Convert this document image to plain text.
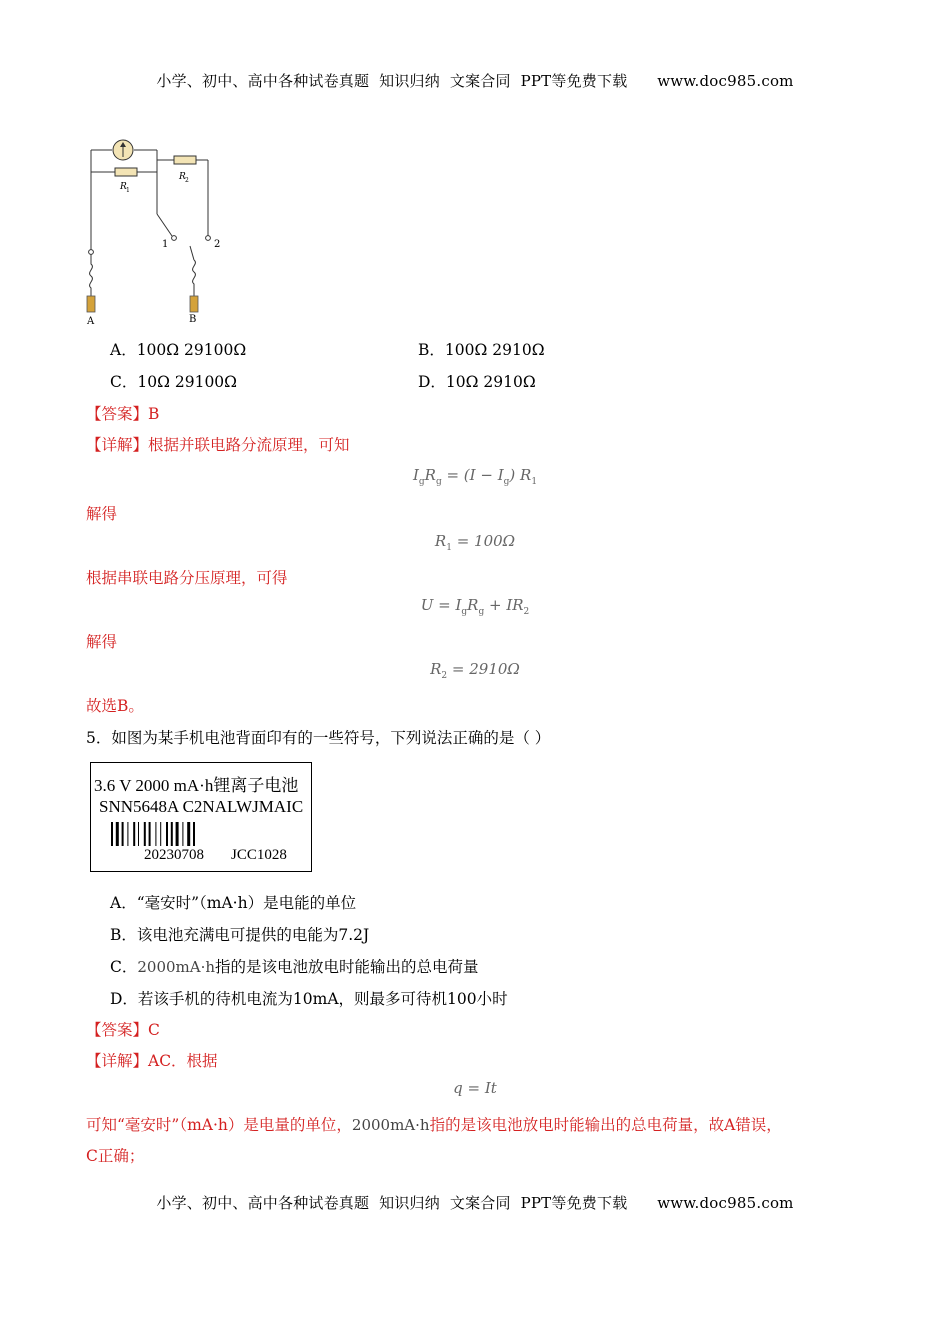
小学、初中、高中各种试卷真题  知识归纳  文案合同  PPT等免费下载      www.doc985.com
R 1
R 2
1	2
A	B
A．100Ω 29100Ω	B．100Ω 2910Ω
C．10Ω 29100Ω	D．10Ω 2910Ω
【答案】B
【详解】根据并联电路分流原理，可知
$I_gR_g = (I - I_g)$ $R_1$
解得
$R_1 = 100\Omega$
根据串联电路分压原理，可得
$U = I_gR_g + IR_2$
解得
$R_2 = 2910\Omega$
故选B。
5．如图为某手机电池背面印有的一些符号，下列说法正确的是（ ）
3.6 V 2000 mA·h锂离子电池
SNN5648A C2NALWJMAIC
20230708 JCC1028
A．“毫安时”（mA·h）是电能的单位
B．该电池充满电可提供的电能为7.2J
C．2000mA·h指的是该电池放电时能输出的总电荷量
D．若该手机的待机电流为10mA，则最多可待机100小时
【答案】C
【详解】AC．根据
q = It
可知“毫安时”（mA·h）是电量的单位，2000mA·h指的是该电池放电时能输出的总电荷量，故A错误，
C正确；
小学、初中、高中各种试卷真题  知识归纳  文案合同  PPT等免费下载      www.doc985.com
